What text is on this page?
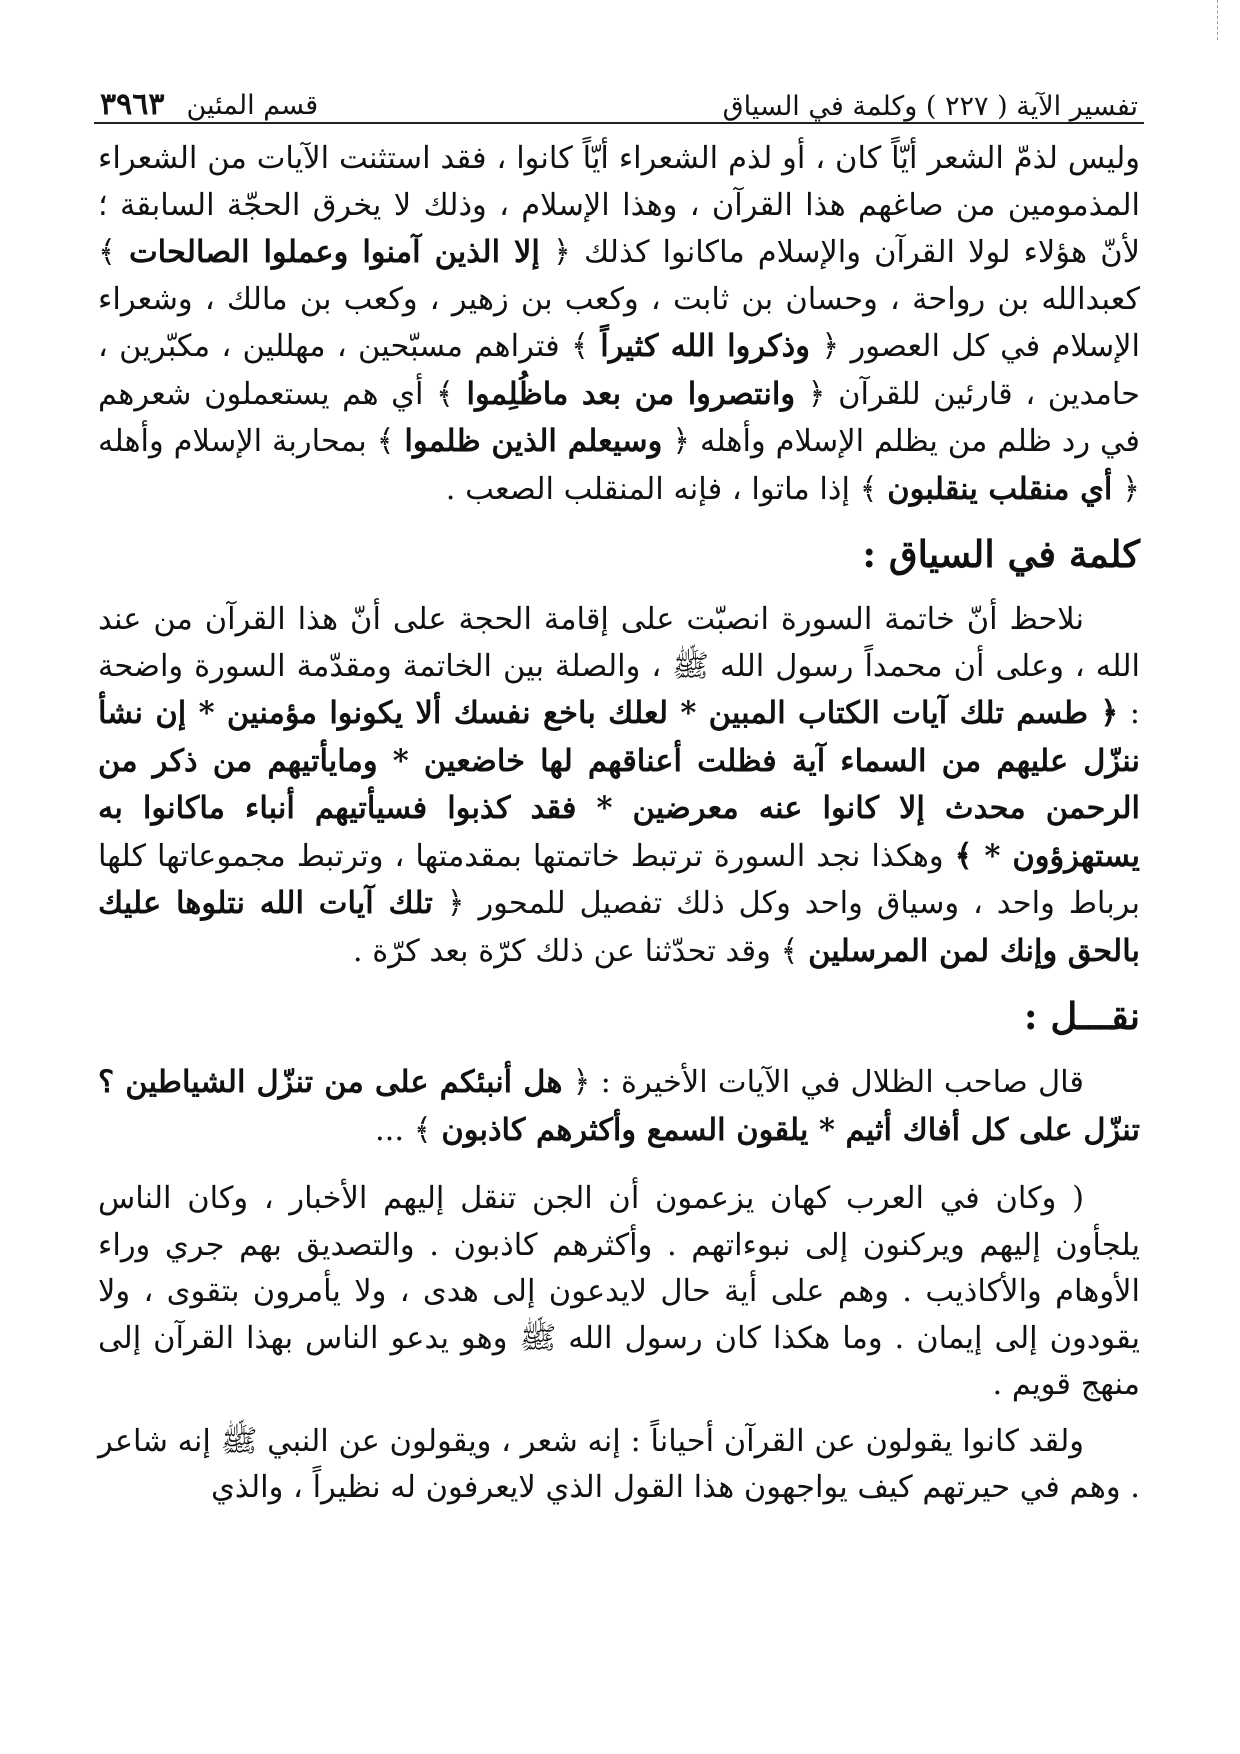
تفسير الآية ( ٢٢٧ ) وكلمة في السياق
قسم المئين
٣٩٦٣

وليس لذمّ الشعر أيّاً كان ، أو لذم الشعراء أيّاً كانوا ، فقد استثنت الآيات من الشعراء المذمومين من صاغهم هذا القرآن ، وهذا الإسلام ، وذلك لا يخرق الحجّة السابقة ؛ لأنّ هؤلاء لولا القرآن والإسلام ماكانوا كذلك ﴿ إلا الذين آمنوا وعملوا الصالحات ﴾ كعبدالله بن رواحة ، وحسان بن ثابت ، وكعب بن زهير ، وكعب بن مالك ، وشعراء الإسلام في كل العصور ﴿ وذكروا الله كثيراً ﴾ فتراهم مسبّحين ، مهللين ، مكبّرين ، حامدين ، قارئين للقرآن ﴿ وانتصروا من بعد ماظُلِموا ﴾ أي هم يستعملون شعرهم في رد ظلم من يظلم الإسلام وأهله ﴿ وسيعلم الذين ظلموا ﴾ بمحاربة الإسلام وأهله ﴿ أي منقلب ينقلبون ﴾ إذا ماتوا ، فإنه المنقلب الصعب .

كلمة في السياق :

نلاحظ أنّ خاتمة السورة انصبّت على إقامة الحجة على أنّ هذا القرآن من عند الله ، وعلى أن محمداً رسول الله ﷺ ، والصلة بين الخاتمة ومقدّمة السورة واضحة : ﴿ طسم تلك آيات الكتاب المبين * لعلك باخع نفسك ألا يكونوا مؤمنين * إن نشأ ننزّل عليهم من السماء آية فظلت أعناقهم لها خاضعين * ومايأتيهم من ذكر من الرحمن محدث إلا كانوا عنه معرضين * فقد كذبوا فسيأتيهم أنباء ماكانوا به يستهزؤون * ﴾ وهكذا نجد السورة ترتبط خاتمتها بمقدمتها ، وترتبط مجموعاتها كلها برباط واحد ، وسياق واحد وكل ذلك تفصيل للمحور ﴿ تلك آيات الله نتلوها عليك بالحق وإنك لمن المرسلين ﴾ وقد تحدّثنا عن ذلك كرّة بعد كرّة .

نقـــل :

قال صاحب الظلال في الآيات الأخيرة : ﴿ هل أنبئكم على من تنزّل الشياطين ؟ تنزّل على كل أفاك أثيم * يلقون السمع وأكثرهم كاذبون ﴾ ...

( وكان في العرب كهان يزعمون أن الجن تنقل إليهم الأخبار ، وكان الناس يلجأون إليهم ويركنون إلى نبوءاتهم . وأكثرهم كاذبون . والتصديق بهم جري وراء الأوهام والأكاذيب . وهم على أية حال لايدعون إلى هدى ، ولا يأمرون بتقوى ، ولا يقودون إلى إيمان . وما هكذا كان رسول الله ﷺ وهو يدعو الناس بهذا القرآن إلى منهج قويم .

ولقد كانوا يقولون عن القرآن أحياناً : إنه شعر ، ويقولون عن النبي ﷺ إنه شاعر . وهم في حيرتهم كيف يواجهون هذا القول الذي لايعرفون له نظيراً ، والذي
